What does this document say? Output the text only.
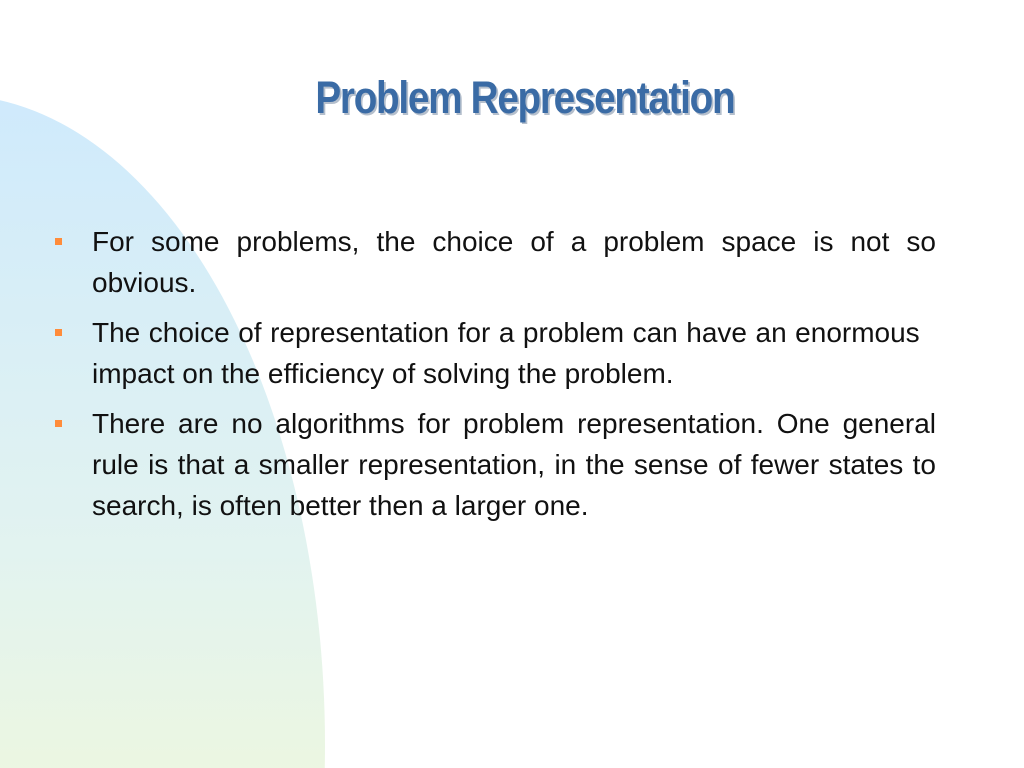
Problem Representation
For some problems, the choice of a problem space is not so obvious.
The choice of representation for a problem can have an enormous   impact on the efficiency of solving the problem.
There are no algorithms for problem representation. One general rule is that a smaller representation, in the sense of fewer states to search, is often better then a larger one.
